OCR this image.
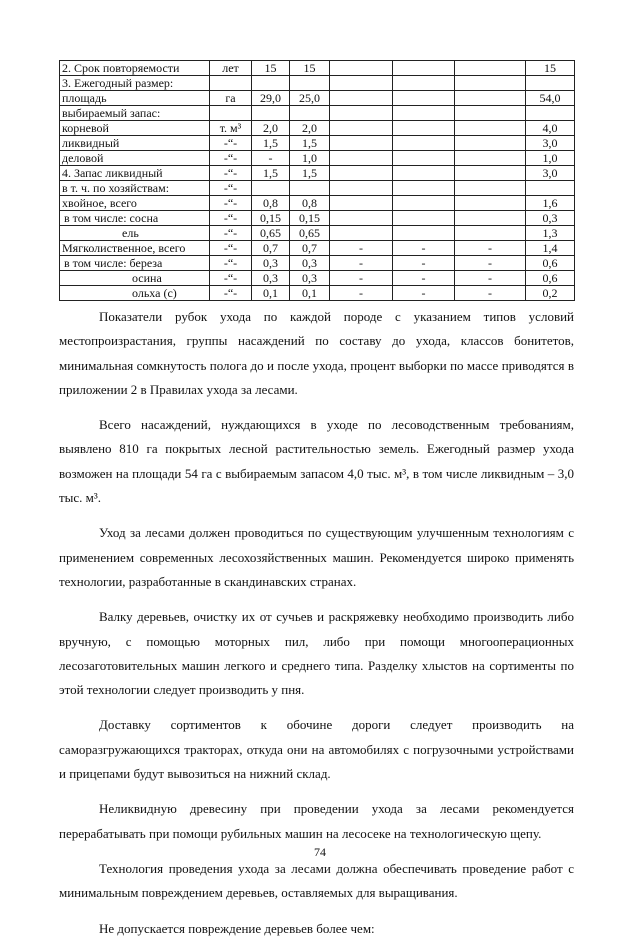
2. Срок повторяемости	лет	15	15				15
3. Ежегодный размер:							
площадь	га	29,0	25,0				54,0
выбираемый запас:							
корневой	т. м³	2,0	2,0				4,0
ликвидный	-“-	1,5	1,5				3,0
деловой	-“-	-	1,0				1,0
4. Запас ликвидный	-“-	1,5	1,5				3,0
в т. ч. по хозяйствам:	-“-						
хвойное, всего	-“-	0,8	0,8				1,6
в том числе: сосна	-“-	0,15	0,15				0,3
ель	-“-	0,65	0,65				1,3
Мягколиственное, всего	-“-	0,7	0,7	-	-	-	1,4
в том числе: береза	-“-	0,3	0,3	-	-	-	0,6
осина	-“-	0,3	0,3	-	-	-	0,6
ольха (с)	-“-	0,1	0,1	-	-	-	0,2

Показатели рубок ухода по каждой породе с указанием типов условий местопроизрастания, группы насаждений по составу до ухода, классов бонитетов, минимальная сомкнутость полога до и после ухода, процент выборки по массе приводятся в приложении 2 в Правилах ухода за лесами.

Всего насаждений, нуждающихся в уходе по лесоводственным требованиям, выявлено 810 га покрытых лесной растительностью земель. Ежегодный размер ухода возможен на площади 54 га с выбираемым запасом 4,0 тыс. м³, в том числе ликвидным – 3,0 тыс. м³.

Уход за лесами должен проводиться по существующим улучшенным технологиям с применением современных лесохозяйственных машин. Рекомендуется широко применять технологии, разработанные в скандинавских странах.

Валку деревьев, очистку их от сучьев и раскряжевку необходимо производить либо вручную, с помощью моторных пил, либо при помощи многооперационных лесозаготовительных машин легкого и среднего типа. Разделку хлыстов на сортименты по этой технологии следует производить у пня.

Доставку сортиментов к обочине дороги следует производить на саморазгружающихся тракторах, откуда они на автомобилях с погрузочными устройствами и прицепами будут вывозиться на нижний склад.

Неликвидную древесину при проведении ухода за лесами рекомендуется перерабатывать при помощи рубильных машин на лесосеке на технологическую щепу.

Технология проведения ухода за лесами должна обеспечивать проведение работ с минимальным повреждением деревьев, оставляемых для выращивания.

Не допускается повреждение деревьев более чем:

74
